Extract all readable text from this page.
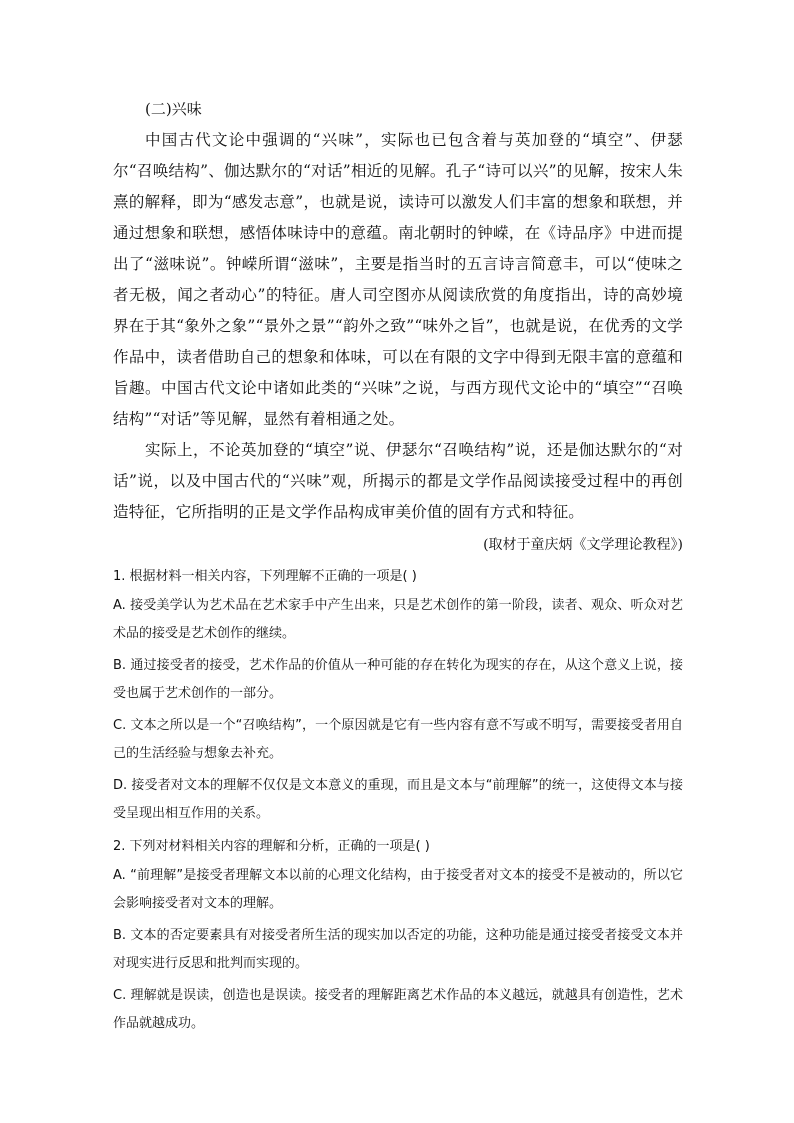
(二)兴味

中国古代文论中强调的“兴味”，实际也已包含着与英加登的“填空”、伊瑟尔“召唤结构”、伽达默尔的“对话”相近的见解。孔子“诗可以兴”的见解，按宋人朱熹的解释，即为“感发志意”，也就是说，读诗可以激发人们丰富的想象和联想，并通过想象和联想，感悟体味诗中的意蕴。南北朝时的钟嵘，在《诗品序》中进而提出了“滋味说”。钟嵘所谓“滋味”，主要是指当时的五言诗言简意丰，可以“使味之者无极，闻之者动心”的特征。唐人司空图亦从阅读欣赏的角度指出，诗的高妙境界在于其“象外之象”“景外之景”“韵外之致”“味外之旨”，也就是说，在优秀的文学作品中，读者借助自己的想象和体味，可以在有限的文字中得到无限丰富的意蕴和旨趣。中国古代文论中诸如此类的“兴味”之说，与西方现代文论中的“填空”“召唤结构”“对话”等见解，显然有着相通之处。

实际上，不论英加登的“填空”说、伊瑟尔“召唤结构”说，还是伽达默尔的“对话”说，以及中国古代的“兴味”观，所揭示的都是文学作品阅读接受过程中的再创造特征，它所指明的正是文学作品构成审美价值的固有方式和特征。

(取材于童庆炳《文学理论教程》)

1. 根据材料一相关内容，下列理解不正确的一项是( )

A. 接受美学认为艺术品在艺术家手中产生出来，只是艺术创作的第一阶段，读者、观众、听众对艺术品的接受是艺术创作的继续。

B. 通过接受者的接受，艺术作品的价值从一种可能的存在转化为现实的存在，从这个意义上说，接受也属于艺术创作的一部分。

C. 文本之所以是一个“召唤结构”，一个原因就是它有一些内容有意不写或不明写，需要接受者用自己的生活经验与想象去补充。

D. 接受者对文本的理解不仅仅是文本意义的重现，而且是文本与“前理解”的统一，这使得文本与接受呈现出相互作用的关系。

2. 下列对材料相关内容的理解和分析，正确的一项是( )

A. “前理解”是接受者理解文本以前的心理文化结构，由于接受者对文本的接受不是被动的，所以它会影响接受者对文本的理解。

B. 文本的否定要素具有对接受者所生活的现实加以否定的功能，这种功能是通过接受者接受文本并对现实进行反思和批判而实现的。

C. 理解就是误读，创造也是误读。接受者的理解距离艺术作品的本义越远，就越具有创造性，艺术作品就越成功。
